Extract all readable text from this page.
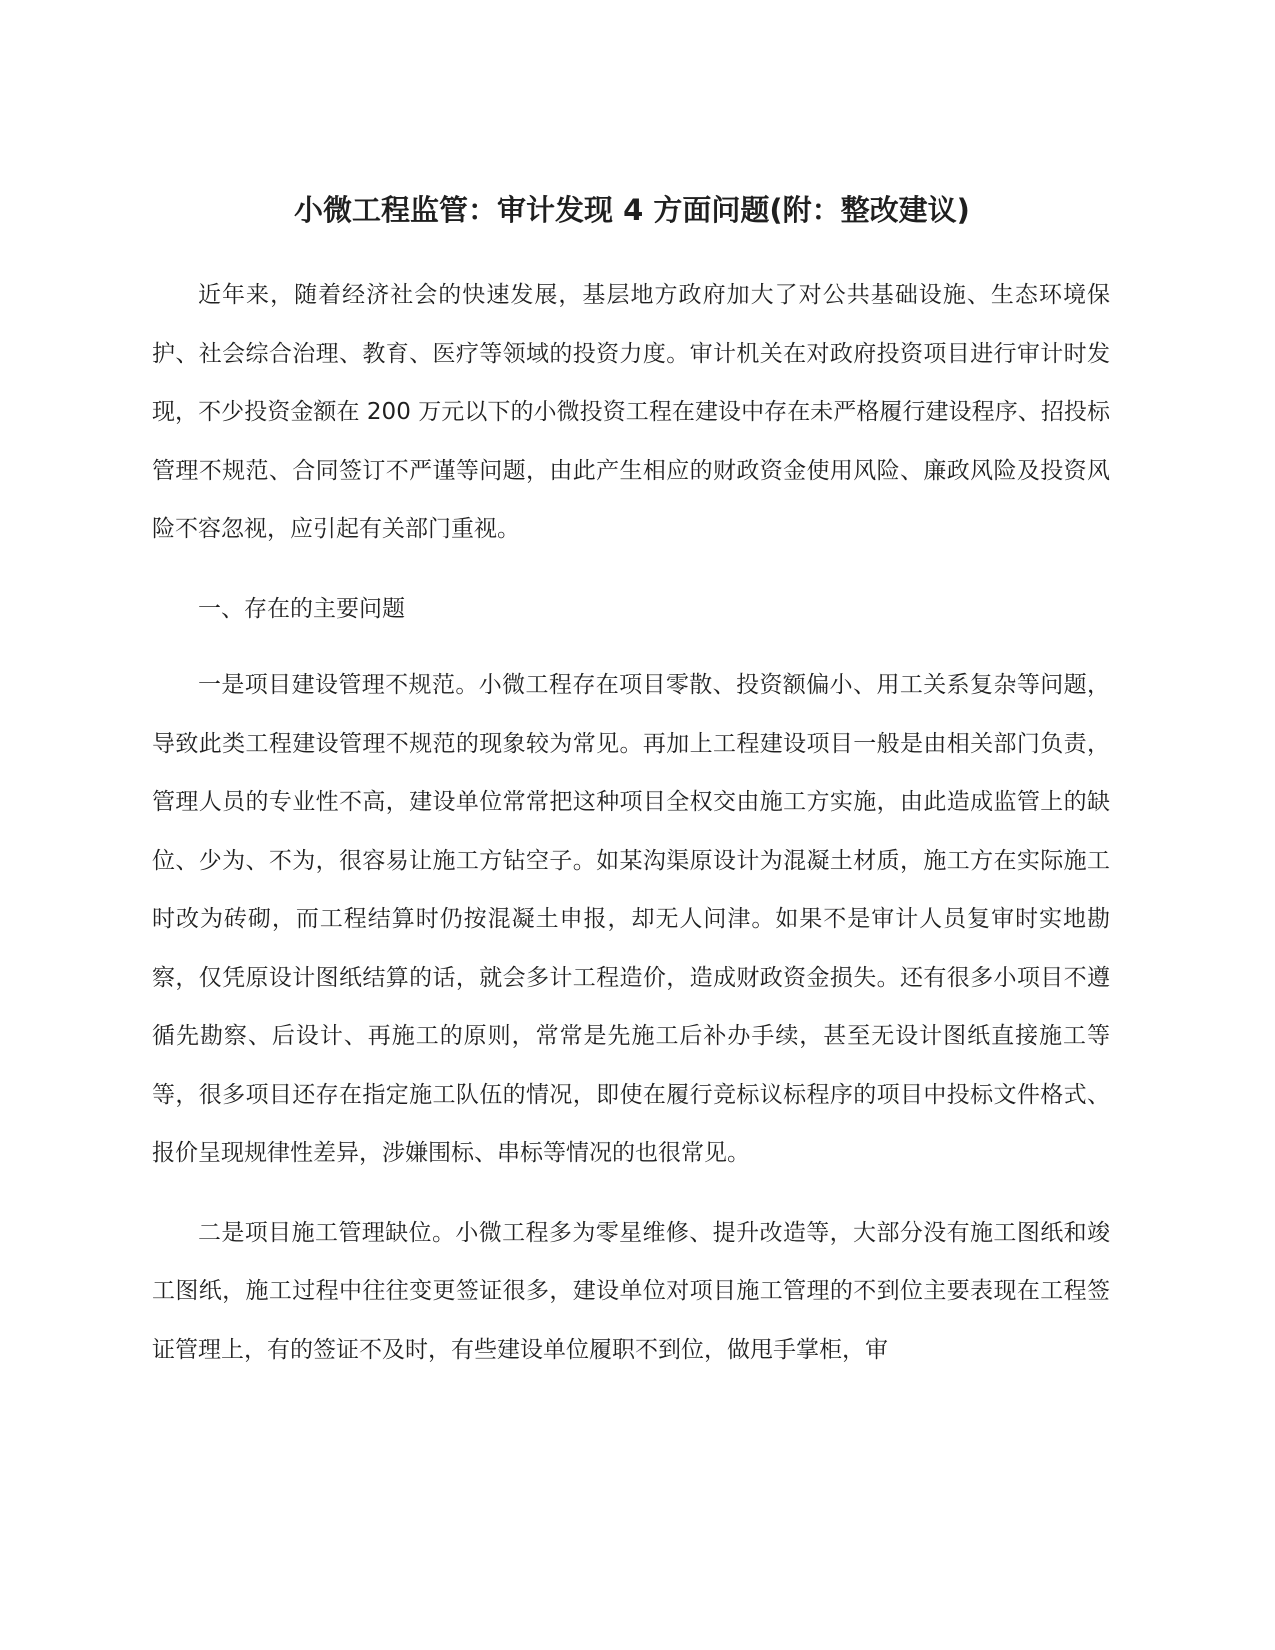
小微工程监管：审计发现 4 方面问题(附：整改建议)

近年来，随着经济社会的快速发展，基层地方政府加大了对公共基础设施、生态环境保护、社会综合治理、教育、医疗等领域的投资力度。审计机关在对政府投资项目进行审计时发现，不少投资金额在 200 万元以下的小微投资工程在建设中存在未严格履行建设程序、招投标管理不规范、合同签订不严谨等问题，由此产生相应的财政资金使用风险、廉政风险及投资风险不容忽视，应引起有关部门重视。

一、存在的主要问题

一是项目建设管理不规范。小微工程存在项目零散、投资额偏小、用工关系复杂等问题，导致此类工程建设管理不规范的现象较为常见。再加上工程建设项目一般是由相关部门负责，管理人员的专业性不高，建设单位常常把这种项目全权交由施工方实施，由此造成监管上的缺位、少为、不为，很容易让施工方钻空子。如某沟渠原设计为混凝土材质，施工方在实际施工时改为砖砌，而工程结算时仍按混凝土申报，却无人问津。如果不是审计人员复审时实地勘察，仅凭原设计图纸结算的话，就会多计工程造价，造成财政资金损失。还有很多小项目不遵循先勘察、后设计、再施工的原则，常常是先施工后补办手续，甚至无设计图纸直接施工等等，很多项目还存在指定施工队伍的情况，即使在履行竞标议标程序的项目中投标文件格式、报价呈现规律性差异，涉嫌围标、串标等情况的也很常见。

二是项目施工管理缺位。小微工程多为零星维修、提升改造等，大部分没有施工图纸和竣工图纸，施工过程中往往变更签证很多，建设单位对项目施工管理的不到位主要表现在工程签证管理上，有的签证不及时，有些建设单位履职不到位，做甩手掌柜，审
